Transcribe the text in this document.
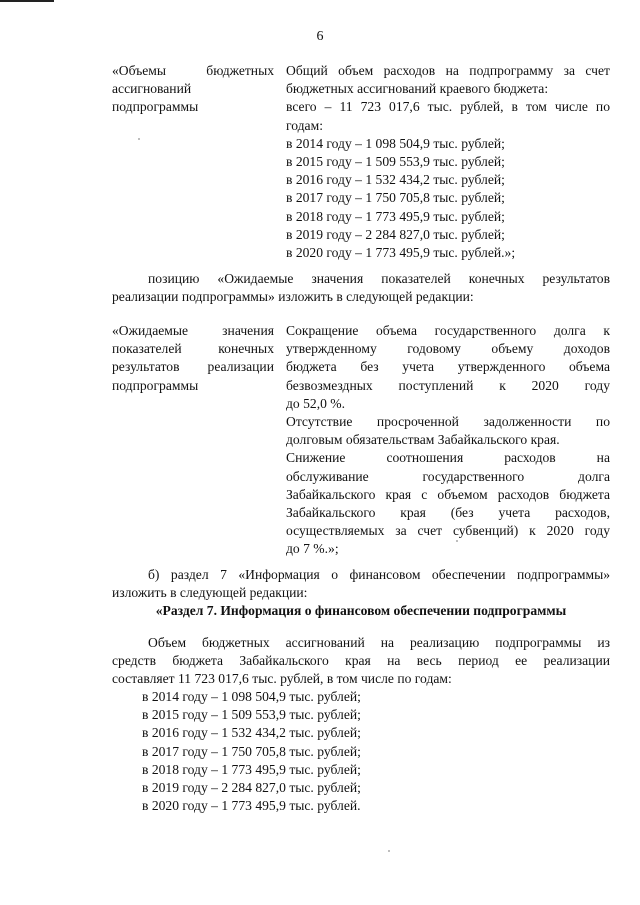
6
«Объемы бюджетных
ассигнований
подпрограммы
Общий объем расходов на подпрограмму за счет
бюджетных ассигнований краевого бюджета:
всего – 11 723 017,6 тыс. рублей, в том числе по
годам:
в 2014 году – 1 098 504,9 тыс. рублей;
в 2015 году – 1 509 553,9 тыс. рублей;
в 2016 году – 1 532 434,2 тыс. рублей;
в 2017 году – 1 750 705,8 тыс. рублей;
в 2018 году – 1 773 495,9 тыс. рублей;
в 2019 году – 2 284 827,0 тыс. рублей;
в 2020 году – 1 773 495,9 тыс. рублей.»;
позицию «Ожидаемые значения показателей конечных результатов
реализации подпрограммы» изложить в следующей редакции:
«Ожидаемые значения
показателей конечных
результатов реализации
подпрограммы
Сокращение объема государственного долга к
утвержденному годовому объему доходов
бюджета без учета утвержденного объема
безвозмездных поступлений к 2020 году
до 52,0 %.
Отсутствие просроченной задолженности по
долговым обязательствам Забайкальского края.
Снижение соотношения расходов на
обслуживание государственного долга
Забайкальского края с объемом расходов бюджета
Забайкальского края (без учета расходов,
осуществляемых за счет субвенций) к 2020 году
до 7 %.»;
б) раздел 7 «Информация о финансовом обеспечении подпрограммы»
изложить в следующей редакции:
«Раздел 7. Информация о финансовом обеспечении подпрограммы
Объем бюджетных ассигнований на реализацию подпрограммы из
средств бюджета Забайкальского края на весь период ее реализации
составляет 11 723 017,6 тыс. рублей, в том числе по годам:
в 2014 году – 1 098 504,9 тыс. рублей;
в 2015 году – 1 509 553,9 тыс. рублей;
в 2016 году – 1 532 434,2 тыс. рублей;
в 2017 году – 1 750 705,8 тыс. рублей;
в 2018 году – 1 773 495,9 тыс. рублей;
в 2019 году – 2 284 827,0 тыс. рублей;
в 2020 году – 1 773 495,9 тыс. рублей.
